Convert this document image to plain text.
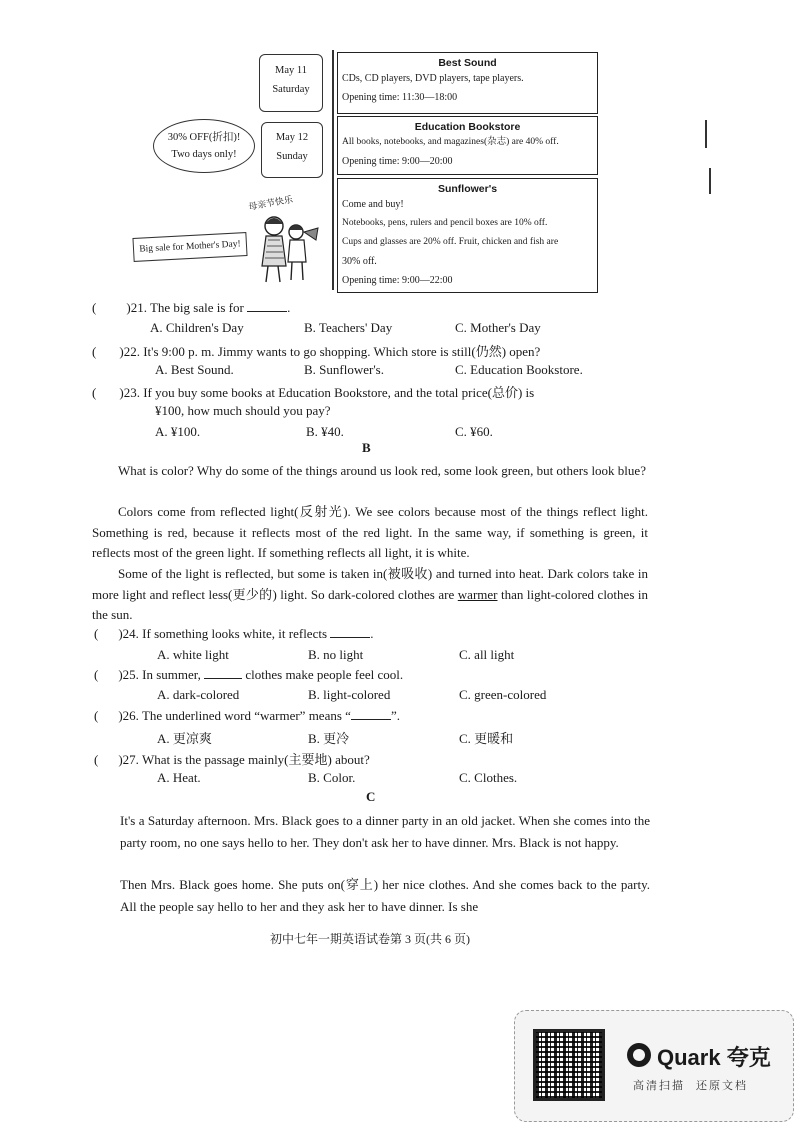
May 11
Saturday
May 12
Sunday
30% OFF(折扣)!
Two days only!
Big sale for Mother's Day!
母亲节快乐
Best Sound
CDs, CD players, DVD players, tape players.
Opening time: 11:30—18:00
Education Bookstore
All books, notebooks, and magazines(杂志) are 40% off.
Opening time: 9:00—20:00
Sunflower's
Come and buy!
Notebooks, pens, rulers and pencil boxes are 10% off.
Cups and glasses are 20% off. Fruit, chicken and fish are
30% off.
Opening time: 9:00—22:00
( )21. The big sale is for	.
A. Children's Day	B. Teachers' Day	C. Mother's Day
( )22. It's 9:00 p. m. Jimmy wants to go shopping. Which store is still(仍然) open?
A. Best Sound.	B. Sunflower's.	C. Education Bookstore.
( )23. If you buy some books at Education Bookstore, and the total price(总价) is
¥100, how much should you pay?
A. ¥100.	B. ¥40.	C. ¥60.
B
What is color? Why do some of the things around us look red, some look green, but others look blue?
Colors come from reflected light(反射光). We see colors because most of the things reflect light. Something is red, because it reflects most of the red light. In the same way, if something is green, it reflects most of the green light. If something reflects all light, it is white.
Some of the light is reflected, but some is taken in(被吸收) and turned into heat. Dark colors take in more light and reflect less(更少的) light. So dark-colored clothes are warmer than light-colored clothes in the sun.
( )24. If something looks white, it reflects	.
A. white light	B. no light	C. all light
( )25. In summer,	clothes make people feel cool.
A. dark-colored	B. light-colored	C. green-colored
( )26. The underlined word “warmer” means “	”.
A. 更凉爽	B. 更冷	C. 更暖和
( )27. What is the passage mainly(主要地) about?
A. Heat.	B. Color.	C. Clothes.
C
It's a Saturday afternoon. Mrs. Black goes to a dinner party in an old jacket. When she comes into the party room, no one says hello to her. They don't ask her to have dinner. Mrs. Black is not happy.
Then Mrs. Black goes home. She puts on(穿上) her nice clothes. And she comes back to the party. All the people say hello to her and they ask her to have dinner. Is she
初中七年一期英语试卷第 3 页(共 6 页)
Quark 夸克
高清扫描  还原文档
